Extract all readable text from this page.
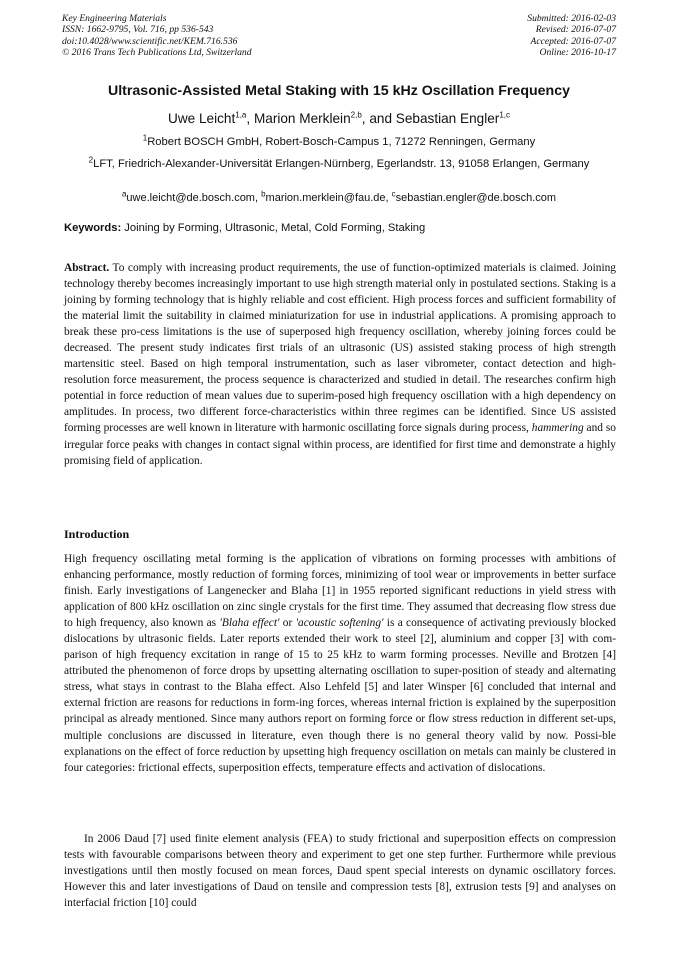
Key Engineering Materials
ISSN: 1662-9795, Vol. 716, pp 536-543
doi:10.4028/www.scientific.net/KEM.716.536
© 2016 Trans Tech Publications Ltd, Switzerland
Submitted: 2016-02-03
Revised: 2016-07-07
Accepted: 2016-07-07
Online: 2016-10-17
Ultrasonic-Assisted Metal Staking with 15 kHz Oscillation Frequency
Uwe Leicht$^{1,a}$, Marion Merklein$^{2,b}$, and Sebastian Engler$^{1,c}$
$^1$Robert BOSCH GmbH, Robert-Bosch-Campus 1, 71272 Renningen, Germany
$^2$LFT, Friedrich-Alexander-Universität Erlangen-Nürnberg, Egerlandstr. 13, 91058 Erlangen, Germany
$^a$uwe.leicht@de.bosch.com, $^b$marion.merklein@fau.de, $^c$sebastian.engler@de.bosch.com
Keywords: Joining by Forming, Ultrasonic, Metal, Cold Forming, Staking

Abstract. To comply with increasing product requirements, the use of function-optimized materials is claimed. Joining technology thereby becomes increasingly important to use high strength material only in postulated sections. Staking is a joining by forming technology that is highly reliable and cost efficient. High process forces and sufficient formability of the material limit the suitability in claimed miniaturization for use in industrial applications. A promising approach to break these pro-cess limitations is the use of superposed high frequency oscillation, whereby joining forces could be decreased. The present study indicates first trials of an ultrasonic (US) assisted staking process of high strength martensitic steel. Based on high temporal instrumentation, such as laser vibrometer, contact detection and high-resolution force measurement, the process sequence is characterized and studied in detail. The researches confirm high potential in force reduction of mean values due to superim-posed high frequency oscillation with a high dependency on amplitudes. In process, two different force-characteristics within three regimes can be identified. Since US assisted forming processes are well known in literature with harmonic oscillating force signals during process, hammering and so irregular force peaks with changes in contact signal within process, are identified for first time and demonstrate a highly promising field of application.

Introduction

High frequency oscillating metal forming is the application of vibrations on forming processes with ambitions of enhancing performance, mostly reduction of forming forces, minimizing of tool wear or improvements in better surface finish. Early investigations of Langenecker and Blaha [1] in 1955 reported significant reductions in yield stress with application of 800 kHz oscillation on zinc single crystals for the first time. They assumed that decreasing flow stress due to high frequency, also known as 'Blaha effect' or 'acoustic softening' is a consequence of activating previously blocked dislocations by ultrasonic fields. Later reports extended their work to steel [2], aluminium and copper [3] with com-parison of high frequency excitation in range of 15 to 25 kHz to warm forming processes. Neville and Brotzen [4] attributed the phenomenon of force drops by upsetting alternating oscillation to super-position of steady and alternating stress, what stays in contrast to the Blaha effect. Also Lehfeld [5] and later Winsper [6] concluded that internal and external friction are reasons for reductions in form-ing forces, whereas internal friction is explained by the superposition principal as already mentioned. Since many authors report on forming force or flow stress reduction in different set-ups, multiple conclusions are discussed in literature, even though there is no general theory valid by now. Possi-ble explanations on the effect of force reduction by upsetting high frequency oscillation on metals can mainly be clustered in four categories: frictional effects, superposition effects, temperature effects and activation of dislocations.

In 2006 Daud [7] used finite element analysis (FEA) to study frictional and superposition effects on compression tests with favourable comparisons between theory and experiment to get one step further. Furthermore while previous investigations until then mostly focused on mean forces, Daud spent special interests on dynamic oscillatory forces. However this and later investigations of Daud on tensile and compression tests [8], extrusion tests [9] and analyses on interfacial friction [10] could
